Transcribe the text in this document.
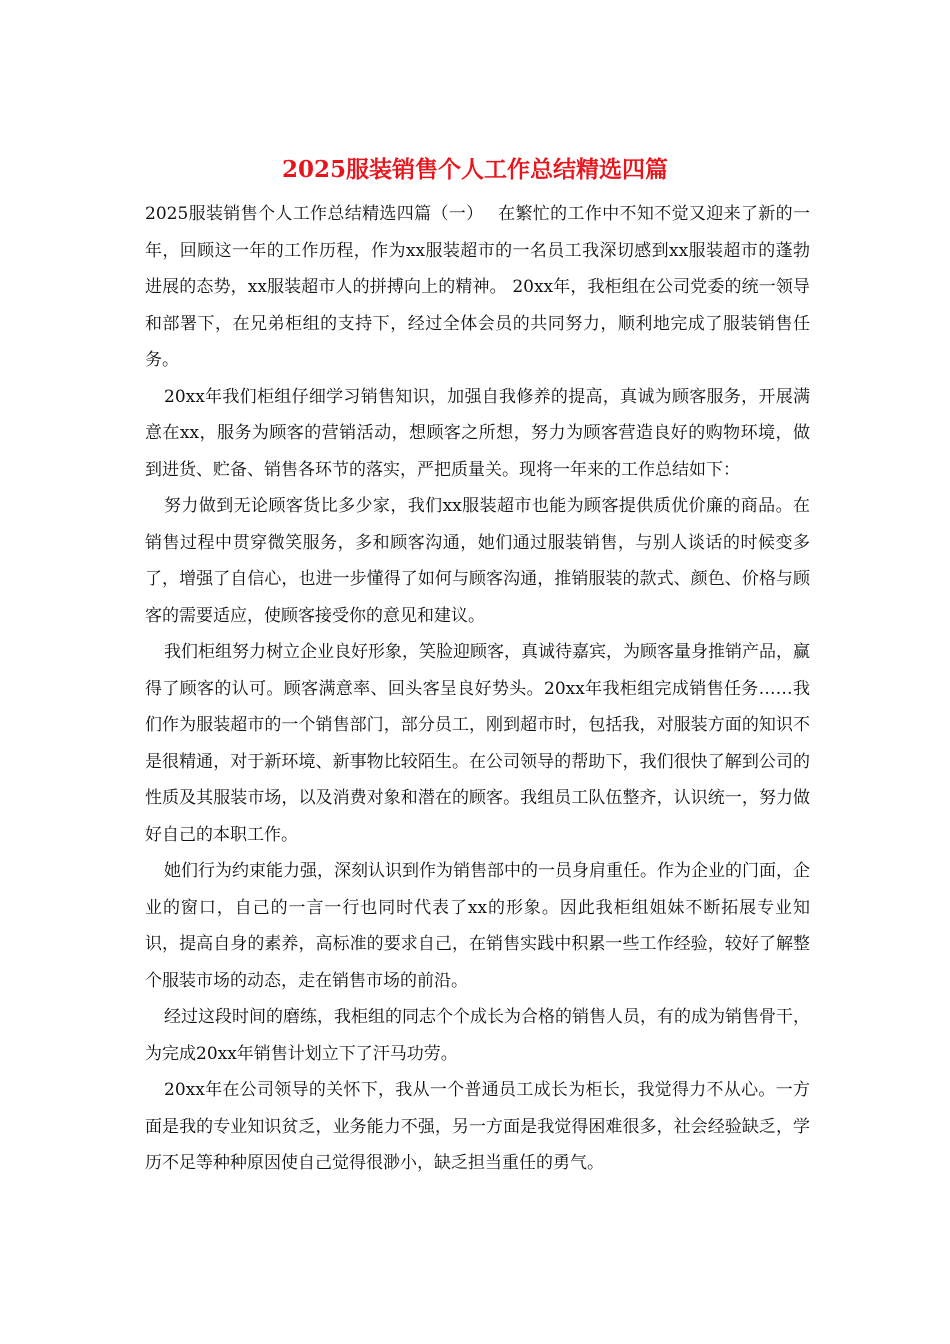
2025服装销售个人工作总结精选四篇

2025服装销售个人工作总结精选四篇（一）　 在繁忙的工作中不知不觉又迎来了新的一年，回顾这一年的工作历程，作为xx服装超市的一名员工我深切感到xx服装超市的蓬勃进展的态势，xx服装超市人的拼搏向上的精神。 20xx年，我柜组在公司党委的统一领导和部署下，在兄弟柜组的支持下，经过全体会员的共同努力，顺利地完成了服装销售任务。

20xx年我们柜组仔细学习销售知识，加强自我修养的提高，真诚为顾客服务，开展满意在xx，服务为顾客的营销活动，想顾客之所想，努力为顾客营造良好的购物环境，做到进货、贮备、销售各环节的落实，严把质量关。现将一年来的工作总结如下：

努力做到无论顾客货比多少家，我们xx服装超市也能为顾客提供质优价廉的商品。在销售过程中贯穿微笑服务，多和顾客沟通，她们通过服装销售，与别人谈话的时候变多了，增强了自信心，也进一步懂得了如何与顾客沟通，推销服装的款式、颜色、价格与顾客的需要适应，使顾客接受你的意见和建议。

我们柜组努力树立企业良好形象，笑脸迎顾客，真诚待嘉宾，为顾客量身推销产品，赢得了顾客的认可。顾客满意率、回头客呈良好势头。20xx年我柜组完成销售任务……我们作为服装超市的一个销售部门，部分员工，刚到超市时，包括我，对服装方面的知识不是很精通，对于新环境、新事物比较陌生。在公司领导的帮助下，我们很快了解到公司的性质及其服装市场，以及消费对象和潜在的顾客。我组员工队伍整齐，认识统一，努力做好自己的本职工作。

她们行为约束能力强，深刻认识到作为销售部中的一员身肩重任。作为企业的门面，企业的窗口，自己的一言一行也同时代表了xx的形象。因此我柜组姐妹不断拓展专业知识，提高自身的素养，高标准的要求自己，在销售实践中积累一些工作经验，较好了解整个服装市场的动态，走在销售市场的前沿。

经过这段时间的磨练，我柜组的同志个个成长为合格的销售人员，有的成为销售骨干，为完成20xx年销售计划立下了汗马功劳。

20xx年在公司领导的关怀下，我从一个普通员工成长为柜长，我觉得力不从心。一方面是我的专业知识贫乏，业务能力不强，另一方面是我觉得困难很多，社会经验缺乏，学历不足等种种原因使自己觉得很渺小，缺乏担当重任的勇气。
